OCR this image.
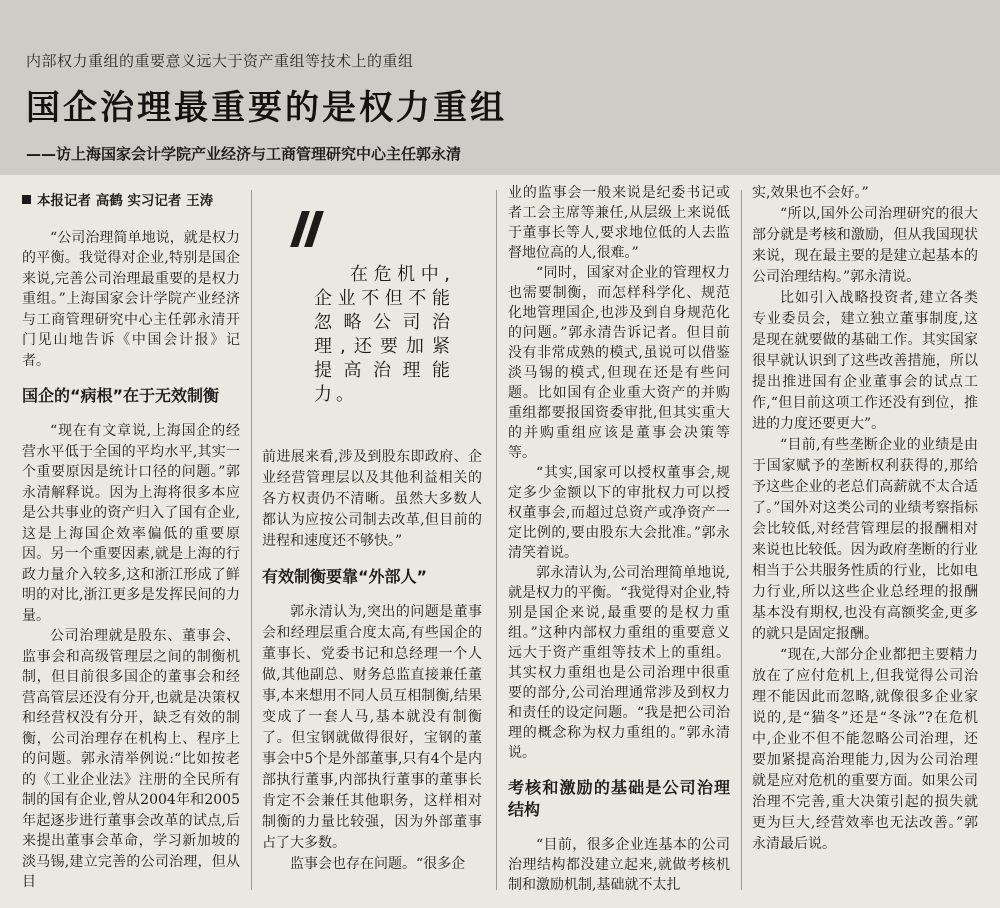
内部权力重组的重要意义远大于资产重组等技术上的重组
国企治理最重要的是权力重组
——访上海国家会计学院产业经济与工商管理研究中心主任郭永清
本报记者 高鹤 实习记者 王涛

“公司治理简单地说，就是权力的平衡。我觉得对企业,特别是国企来说,完善公司治理最重要的是权力重组。”上海国家会计学院产业经济与工商管理研究中心主任郭永清开门见山地告诉《中国会计报》记者。

国企的“病根”在于无效制衡

“现在有文章说,上海国企的经营水平低于全国的平均水平,其实一个重要原因是统计口径的问题。”郭永清解释说。因为上海将很多本应是公共事业的资产归入了国有企业,这是上海国企效率偏低的重要原因。另一个重要因素,就是上海的行政力量介入较多,这和浙江形成了鲜明的对比,浙江更多是发挥民间的力量。

公司治理就是股东、董事会、监事会和高级管理层之间的制衡机制，但目前很多国企的董事会和经营高管层还没有分开,也就是决策权和经营权没有分开，缺乏有效的制衡，公司治理存在机构上、程序上的问题。郭永清举例说:“比如按老的《工业企业法》注册的全民所有制的国有企业,曾从2004年和2005年起逐步进行董事会改革的试点,后来提出董事会革命，学习新加坡的淡马锡,建立完善的公司治理，但从目

在危机中,企业不但不能忽略公司治理,还要加紧提高治理能力。

前进展来看,涉及到股东即政府、企业经营管理层以及其他利益相关的各方权责仍不清晰。虽然大多数人都认为应按公司制去改革,但目前的进程和速度还不够快。”

有效制衡要靠“外部人”

郭永清认为,突出的问题是董事会和经理层重合度太高,有些国企的董事长、党委书记和总经理一个人做,其他副总、财务总监直接兼任董事,本来想用不同人员互相制衡,结果变成了一套人马,基本就没有制衡了。但宝钢就做得很好，宝钢的董事会中5个是外部董事,只有4个是内部执行董事,内部执行董事的董事长肯定不会兼任其他职务，这样相对制衡的力量比较强，因为外部董事占了大多数。

监事会也存在问题。“很多企

业的监事会一般来说是纪委书记或者工会主席等兼任,从层级上来说低于董事长等人,要求地位低的人去监督地位高的人,很难。”

“同时，国家对企业的管理权力也需要制衡，而怎样科学化、规范化地管理国企,也涉及到自身规范化的问题。”郭永清告诉记者。但目前没有非常成熟的模式,虽说可以借鉴淡马锡的模式,但现在还是有些问题。比如国有企业重大资产的并购重组都要报国资委审批,但其实重大的并购重组应该是董事会决策等等。

“其实,国家可以授权董事会,规定多少金额以下的审批权力可以授权董事会,而超过总资产或净资产一定比例的,要由股东大会批准。”郭永清笑着说。

郭永清认为,公司治理简单地说,就是权力的平衡。“我觉得对企业,特别是国企来说,最重要的是权力重组。”这种内部权力重组的重要意义远大于资产重组等技术上的重组。其实权力重组也是公司治理中很重要的部分,公司治理通常涉及到权力和责任的设定问题。“我是把公司治理的概念称为权力重组的。”郭永清说。

考核和激励的基础是公司治理结构

“目前，很多企业连基本的公司治理结构都没建立起来,就做考核机制和激励机制,基础就不太扎

实,效果也不会好。”

“所以,国外公司治理研究的很大部分就是考核和激励，但从我国现状来说，现在最主要的是建立起基本的公司治理结构。”郭永清说。

比如引入战略投资者,建立各类专业委员会，建立独立董事制度,这是现在就要做的基础工作。其实国家很早就认识到了这些改善措施，所以提出推进国有企业董事会的试点工作,“但目前这项工作还没有到位，推进的力度还要更大”。

“目前,有些垄断企业的业绩是由于国家赋予的垄断权利获得的,那给予这些企业的老总们高薪就不太合适了。”国外对这类公司的业绩考察指标会比较低,对经营管理层的报酬相对来说也比较低。因为政府垄断的行业相当于公共服务性质的行业，比如电力行业,所以这些企业总经理的报酬基本没有期权,也没有高额奖金,更多的就只是固定报酬。

“现在,大部分企业都把主要精力放在了应付危机上,但我觉得公司治理不能因此而忽略,就像很多企业家说的,是“猫冬”还是“冬泳”?在危机中,企业不但不能忽略公司治理，还要加紧提高治理能力,因为公司治理就是应对危机的重要方面。如果公司治理不完善,重大决策引起的损失就更为巨大,经营效率也无法改善。”郭永清最后说。
